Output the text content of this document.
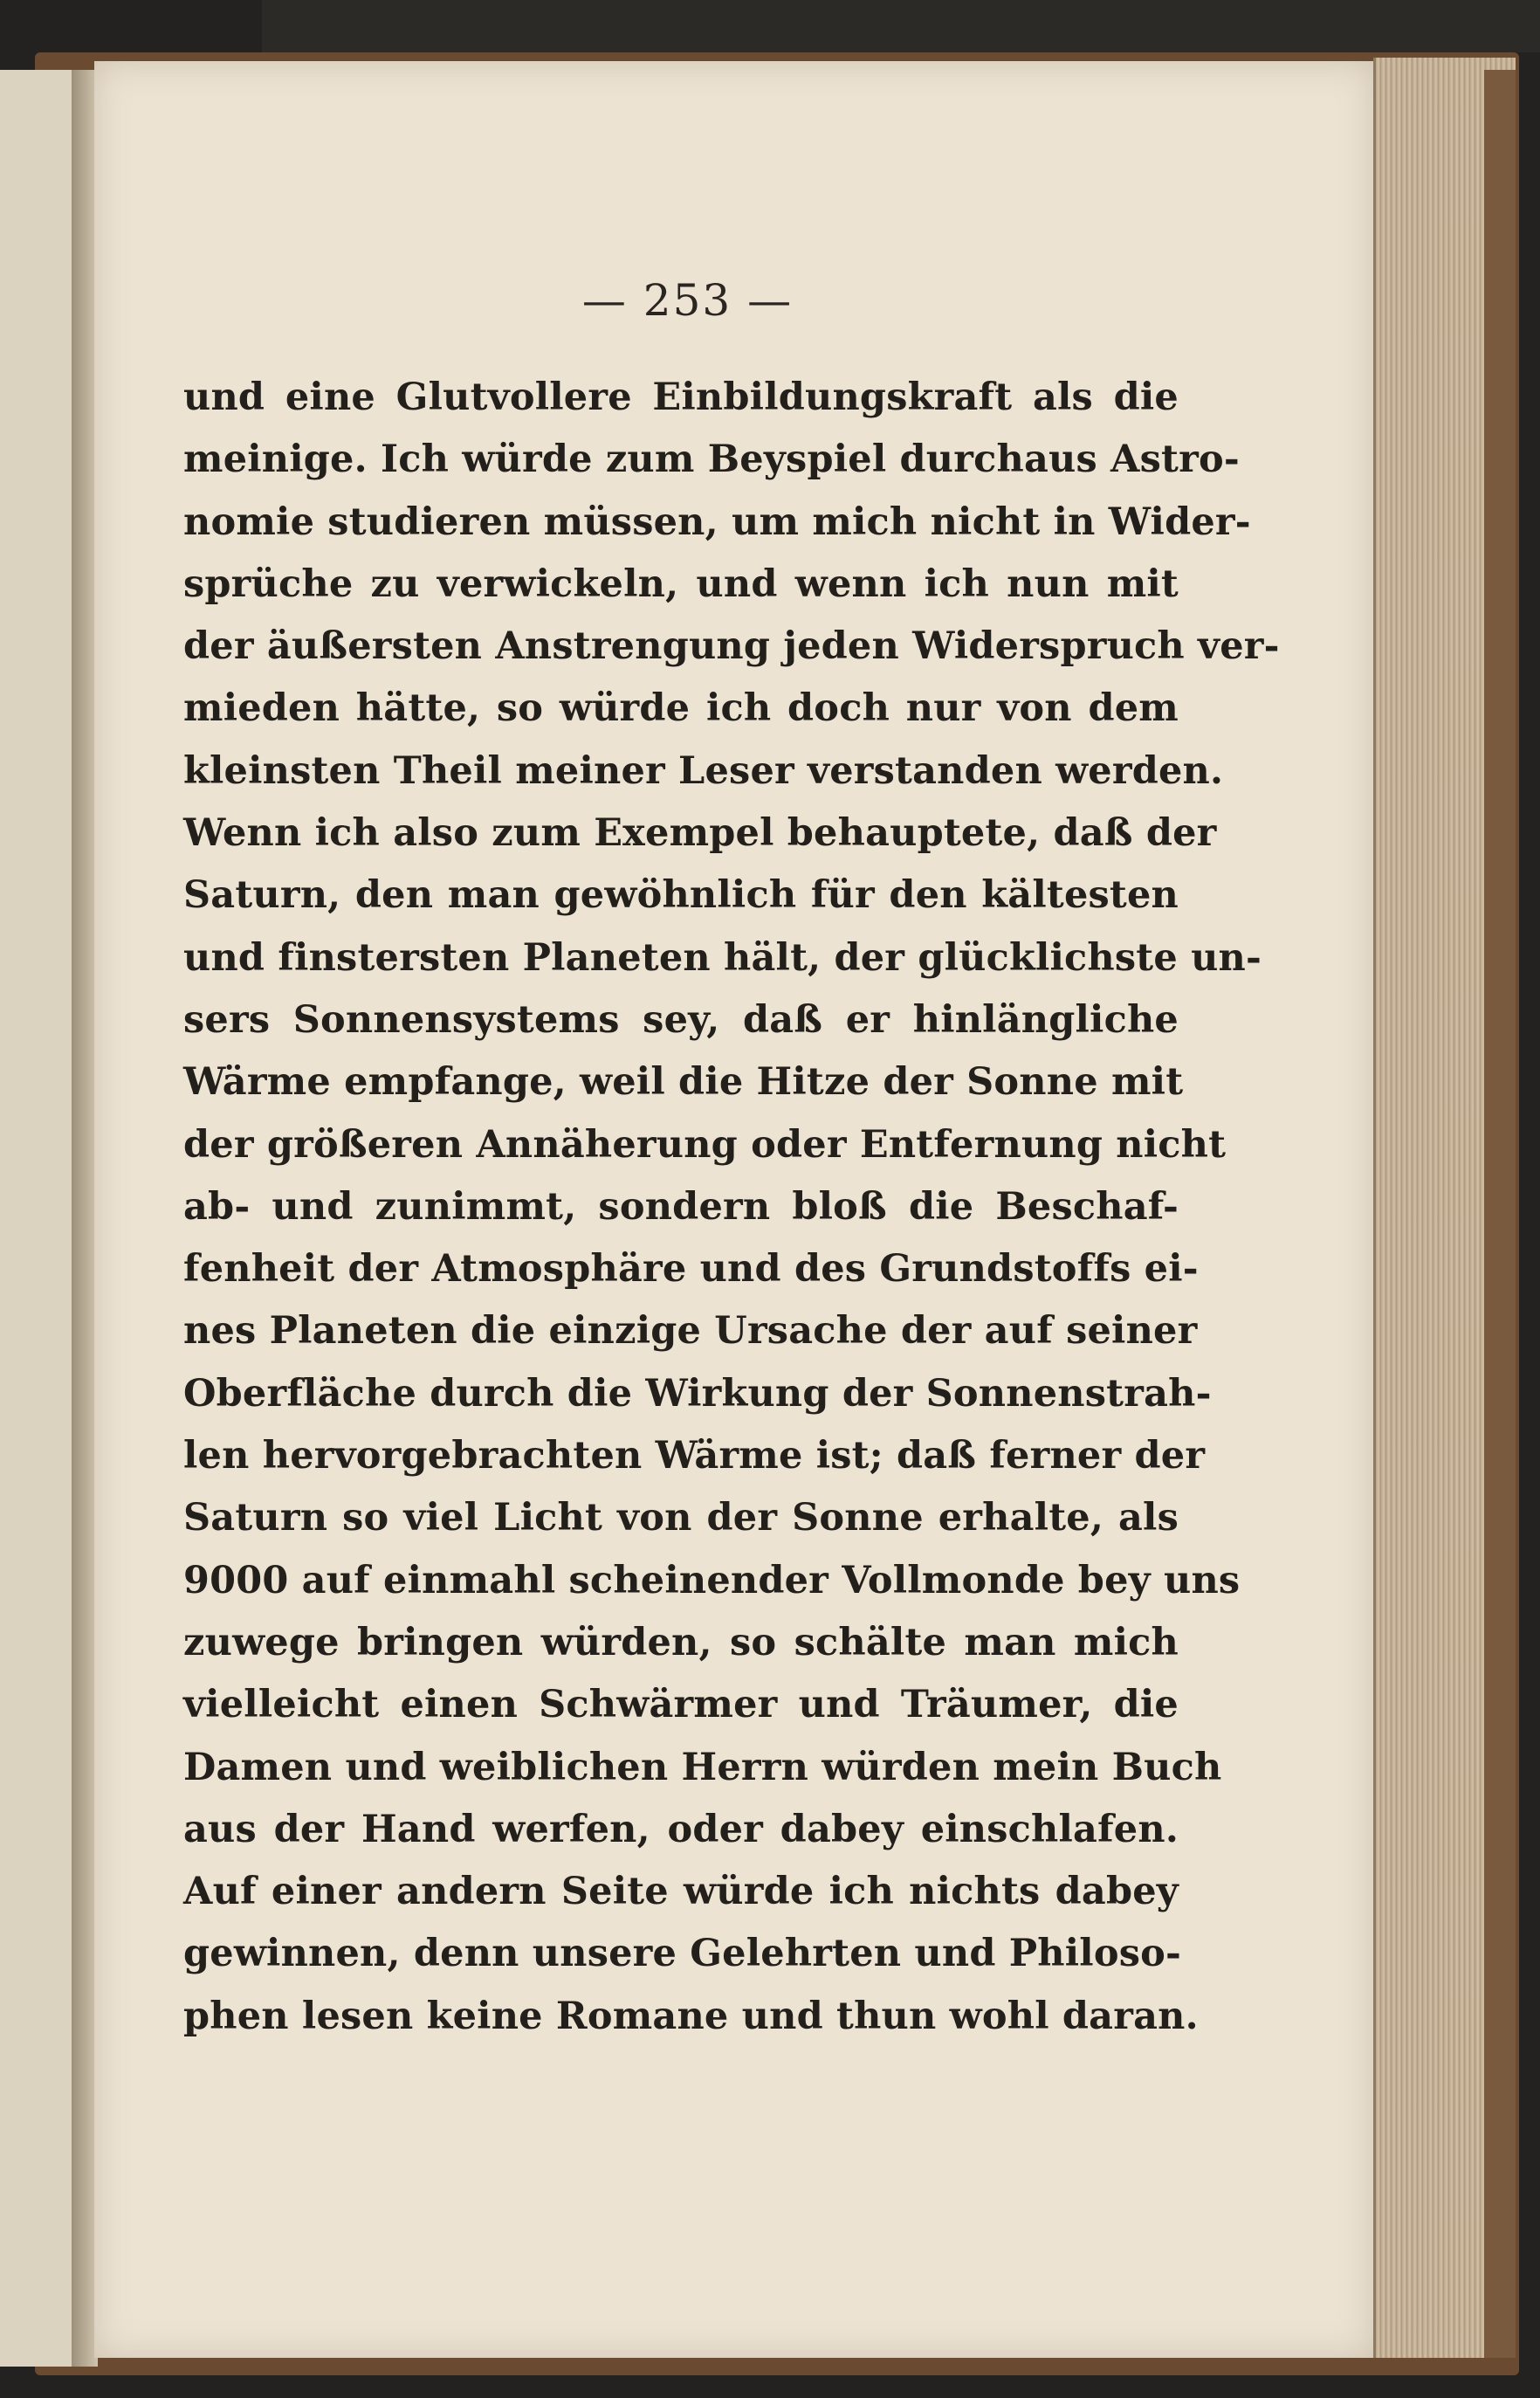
— 253 —
und eine Glutvollere Einbildungskraft als die
meinige. Ich würde zum Beyspiel durchaus Astro-
nomie studieren müssen, um mich nicht in Wider-
sprüche zu verwickeln, und wenn ich nun mit
der äußersten Anstrengung jeden Widerspruch ver-
mieden hätte, so würde ich doch nur von dem
kleinsten Theil meiner Leser verstanden werden.
Wenn ich also zum Exempel behauptete, daß der
Saturn, den man gewöhnlich für den kältesten
und finstersten Planeten hält, der glücklichste un-
sers Sonnensystems sey, daß er hinlängliche
Wärme empfange, weil die Hitze der Sonne mit
der größeren Annäherung oder Entfernung nicht
ab- und zunimmt, sondern bloß die Beschaf-
fenheit der Atmosphäre und des Grundstoffs ei-
nes Planeten die einzige Ursache der auf seiner
Oberfläche durch die Wirkung der Sonnenstrah-
len hervorgebrachten Wärme ist; daß ferner der
Saturn so viel Licht von der Sonne erhalte, als
9000 auf einmahl scheinender Vollmonde bey uns
zuwege bringen würden, so schälte man mich
vielleicht einen Schwärmer und Träumer, die
Damen und weiblichen Herrn würden mein Buch
aus der Hand werfen, oder dabey einschlafen.
Auf einer andern Seite würde ich nichts dabey
gewinnen, denn unsere Gelehrten und Philoso-
phen lesen keine Romane und thun wohl daran.
